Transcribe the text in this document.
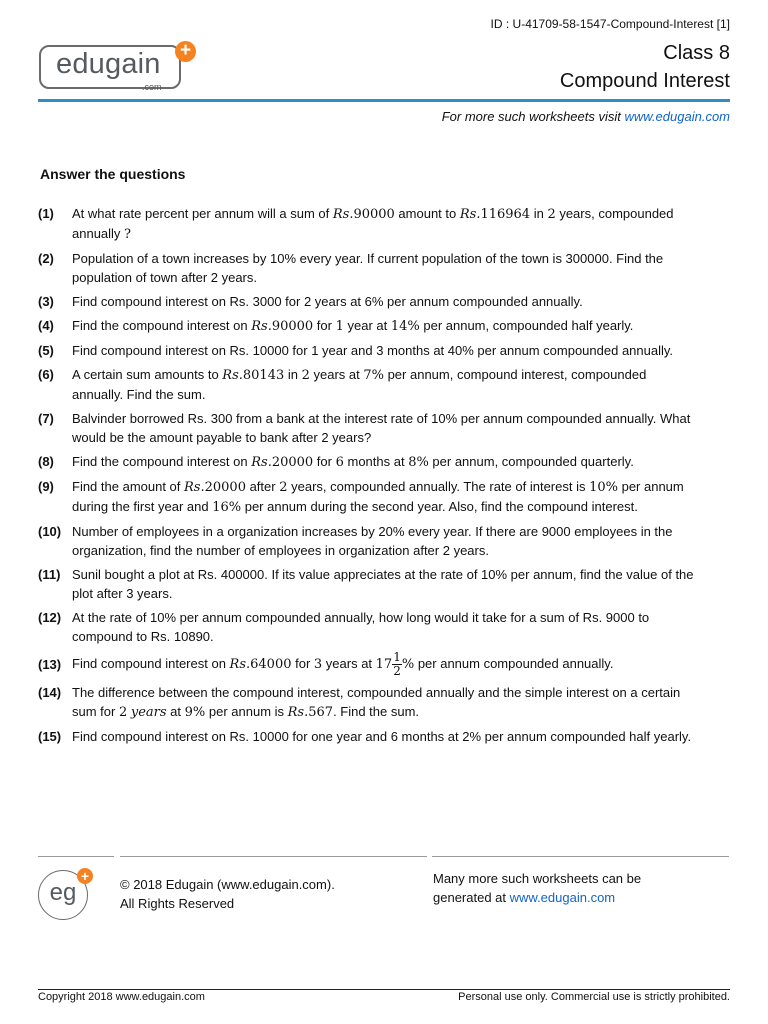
ID : U-41709-58-1547-Compound-Interest [1]
edugain
.com
+	Class 8
Compound Interest
For more such worksheets visit www.edugain.com
Answer the questions
(1)	At what rate percent per annum will a sum of Rs.90000 amount to Rs.116964 in 2 years, compounded annually ?
(2)	Population of a town increases by 10% every year. If current population of the town is 300000. Find the population of town after 2 years.
(3)	Find compound interest on Rs. 3000 for 2 years at 6% per annum compounded annually.
(4)	Find the compound interest on Rs.90000 for 1 year at 14% per annum, compounded half yearly.
(5)	Find compound interest on Rs. 10000 for 1 year and 3 months at 40% per annum compounded annually.
(6)	A certain sum amounts to Rs.80143 in 2 years at 7% per annum, compound interest, compounded annually. Find the sum.
(7)	Balvinder borrowed Rs. 300 from a bank at the interest rate of 10% per annum compounded annually. What would be the amount payable to bank after 2 years?
(8)	Find the compound interest on Rs.20000 for 6 months at 8% per annum, compounded quarterly.
(9)	Find the amount of Rs.20000 after 2 years, compounded annually. The rate of interest is 10% per annum during the first year and 16% per annum during the second year. Also, find the compound interest.
(10) Number of employees in a organization increases by 20% every year. If there are 9000 employees in the organization, find the number of employees in organization after 2 years.
(11) Sunil bought a plot at Rs. 400000. If its value appreciates at the rate of 10% per annum, find the value of the plot after 3 years.
(12) At the rate of 10% per annum compounded annually, how long would it take for a sum of Rs. 9000 to compound to Rs. 10890.
(13) Find compound interest on Rs.64000 for 3 years at $17 \frac{1}{2}$ % per annum compounded annually.
(14) The difference between the compound interest, compounded annually and the simple interest on a certain sum for 2 years at 9% per annum is Rs.567. Find the sum.
(15) Find compound interest on Rs. 10000 for one year and 6 months at 2% per annum compounded half yearly.
eg
+
© 2018 Edugain (www.edugain.com).
All Rights Reserved
Many more such worksheets can be
generated at www.edugain.com
Copyright 2018 www.edugain.com	Personal use only. Commercial use is strictly prohibited.
